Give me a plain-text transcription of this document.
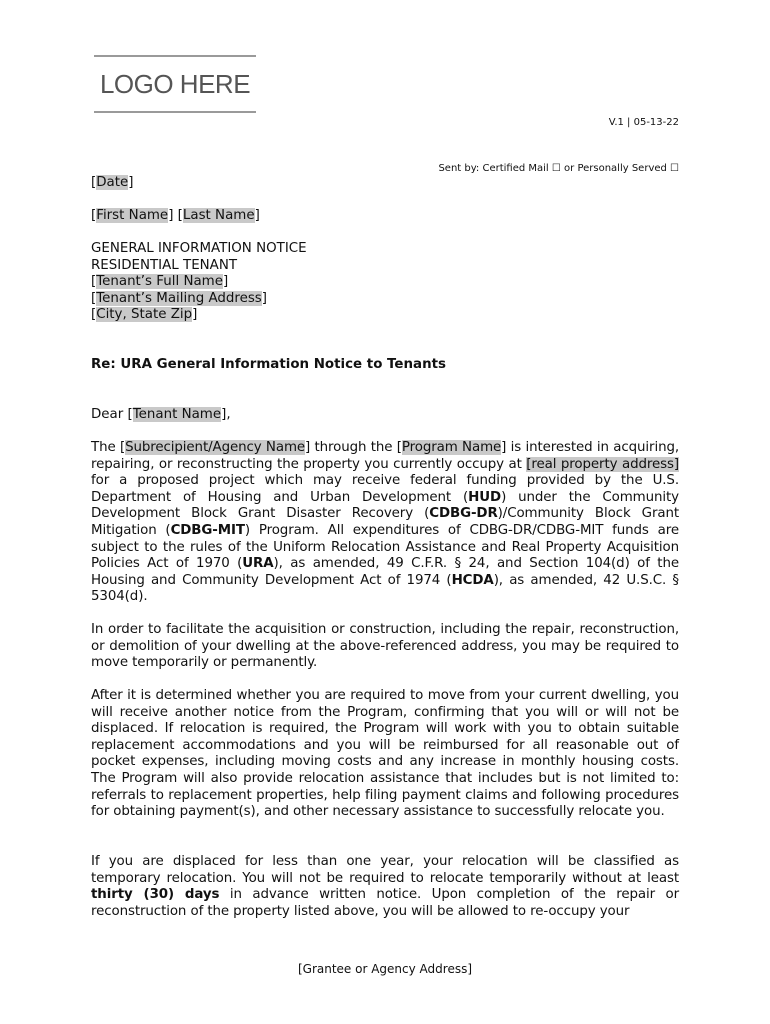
LOGO HERE
V.1 | 05-13-22
Sent by: Certified Mail ☐ or Personally Served ☐
[Date]
[First Name] [Last Name]
GENERAL INFORMATION NOTICE
RESIDENTIAL TENANT
[Tenant’s Full Name]
[Tenant’s Mailing Address]
[City, State Zip]
Re: URA General Information Notice to Tenants
Dear [Tenant Name],
The [Subrecipient/Agency Name] through the [Program Name] is interested in acquiring, repairing, or reconstructing the property you currently occupy at [real property address] for a proposed project which may receive federal funding provided by the U.S. Department of Housing and Urban Development (HUD) under the Community Development Block Grant Disaster Recovery (CDBG-DR)/Community Block Grant Mitigation (CDBG-MIT) Program. All expenditures of CDBG-DR/CDBG-MIT funds are subject to the rules of the Uniform Relocation Assistance and Real Property Acquisition Policies Act of 1970 (URA), as amended, 49 C.F.R. § 24, and Section 104(d) of the Housing and Community Development Act of 1974 (HCDA), as amended, 42 U.S.C. § 5304(d).
In order to facilitate the acquisition or construction, including the repair, reconstruction, or demolition of your dwelling at the above-referenced address, you may be required to move temporarily or permanently.
After it is determined whether you are required to move from your current dwelling, you will receive another notice from the Program, confirming that you will or will not be displaced. If relocation is required, the Program will work with you to obtain suitable replacement accommodations and you will be reimbursed for all reasonable out of pocket expenses, including moving costs and any increase in monthly housing costs. The Program will also provide relocation assistance that includes but is not limited to: referrals to replacement properties, help filing payment claims and following procedures for obtaining payment(s), and other necessary assistance to successfully relocate you.
If you are displaced for less than one year, your relocation will be classified as temporary relocation. You will not be required to relocate temporarily without at least thirty (30) days in advance written notice. Upon completion of the repair or reconstruction of the property listed above, you will be allowed to re-occupy your
[Grantee or Agency Address]
